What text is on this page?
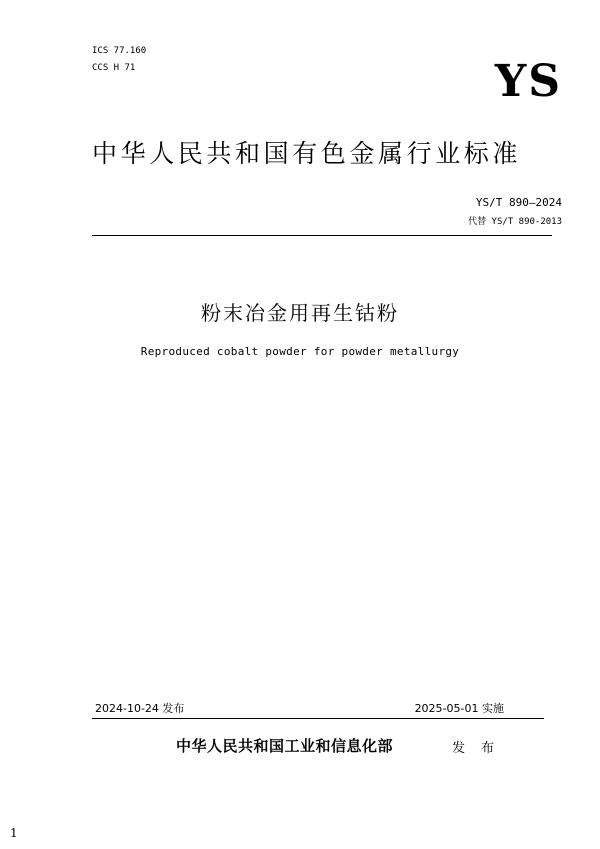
ICS 77.160
CCS H 71	YS
中华人民共和国有色金属行业标准
YS/T 890—2024
代替 YS/T 890-2013
粉末冶金用再生钴粉
Reproduced cobalt powder for powder metallurgy
2024-10-24 发布	2025-05-01 实施
中华人民共和国工业和信息化部	发 布
1
